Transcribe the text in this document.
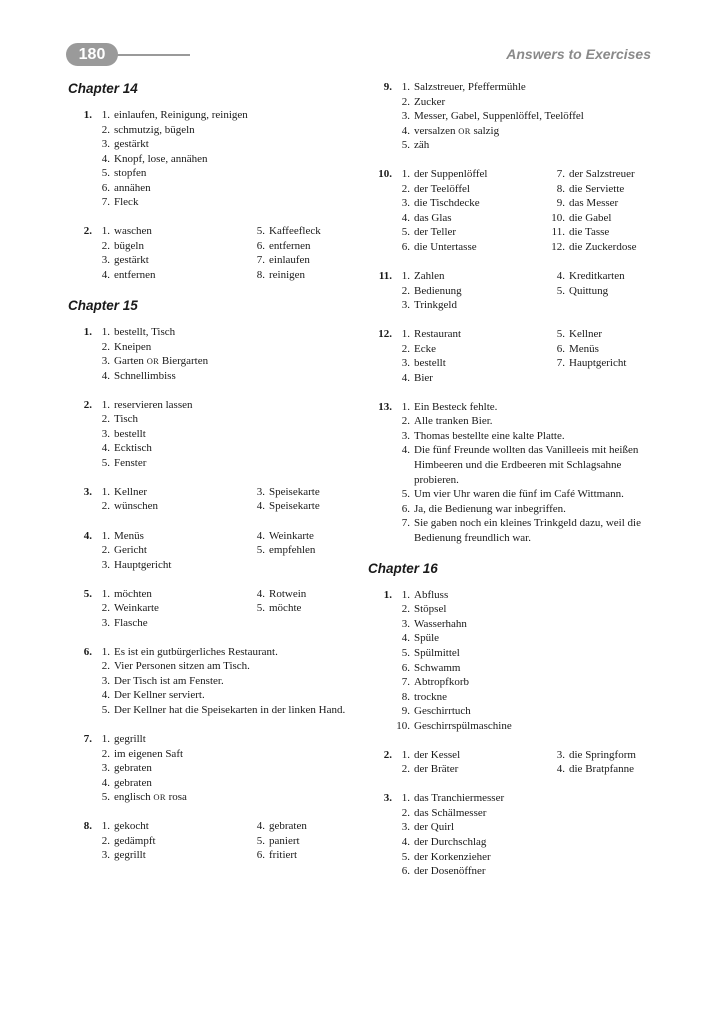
180	Answers to Exercises
Chapter 14
1. 1. einlaufen, Reinigung, reinigen
2. schmutzig, bügeln
3. gestärkt
4. Knopf, lose, annähen
5. stopfen
6. annähen
7. Fleck
2. 1. waschen
2. bügeln
3. gestärkt
4. entfernen
5. Kaffeefleck
6. entfernen
7. einlaufen
8. reinigen
Chapter 15
1. 1. bestellt, Tisch
2. Kneipen
3. Garten OR Biergarten
4. Schnellimbiss
2. 1. reservieren lassen
2. Tisch
3. bestellt
4. Ecktisch
5. Fenster
3. 1. Kellner
2. wünschen
3. Speisekarte
4. Speisekarte
4. 1. Menüs
2. Gericht
3. Hauptgericht
4. Weinkarte
5. empfehlen
5. 1. möchten
2. Weinkarte
3. Flasche
4. Rotwein
5. möchte
6. 1. Es ist ein gutbürgerliches Restaurant.
2. Vier Personen sitzen am Tisch.
3. Der Tisch ist am Fenster.
4. Der Kellner serviert.
5. Der Kellner hat die Speisekarten in der linken Hand.
7. 1. gegrillt
2. im eigenen Saft
3. gebraten
4. gebraten
5. englisch OR rosa
8. 1. gekocht
2. gedämpft
3. gegrillt
4. gebraten
5. paniert
6. fritiert
9. 1. Salzstreuer, Pfeffermühle
2. Zucker
3. Messer, Gabel, Suppenlöffel, Teelöffel
4. versalzen OR salzig
5. zäh
10. 1. der Suppenlöffel
2. der Teelöffel
3. die Tischdecke
4. das Glas
5. der Teller
6. die Untertasse
7. der Salzstreuer
8. die Serviette
9. das Messer
10. die Gabel
11. die Tasse
12. die Zuckerdose
11. 1. Zahlen
2. Bedienung
3. Trinkgeld
4. Kreditkarten
5. Quittung
12. 1. Restaurant
2. Ecke
3. bestellt
4. Bier
5. Kellner
6. Menüs
7. Hauptgericht
13. 1. Ein Besteck fehlte.
2. Alle tranken Bier.
3. Thomas bestellte eine kalte Platte.
4. Die fünf Freunde wollten das Vanilleeis mit heißen Himbeeren und die Erdbeeren mit Schlagsahne probieren.
5. Um vier Uhr waren die fünf im Café Wittmann.
6. Ja, die Bedienung war inbegriffen.
7. Sie gaben noch ein kleines Trinkgeld dazu, weil die Bedienung freundlich war.
Chapter 16
1. 1. Abfluss
2. Stöpsel
3. Wasserhahn
4. Spüle
5. Spülmittel
6. Schwamm
7. Abtropfkorb
8. trockne
9. Geschirrtuch
10. Geschirrspülmaschine
2. 1. der Kessel
2. der Bräter
3. die Springform
4. die Bratpfanne
3. 1. das Tranchiermesser
2. das Schälmesser
3. der Quirl
4. der Durchschlag
5. der Korkenzieher
6. der Dosenöffner
